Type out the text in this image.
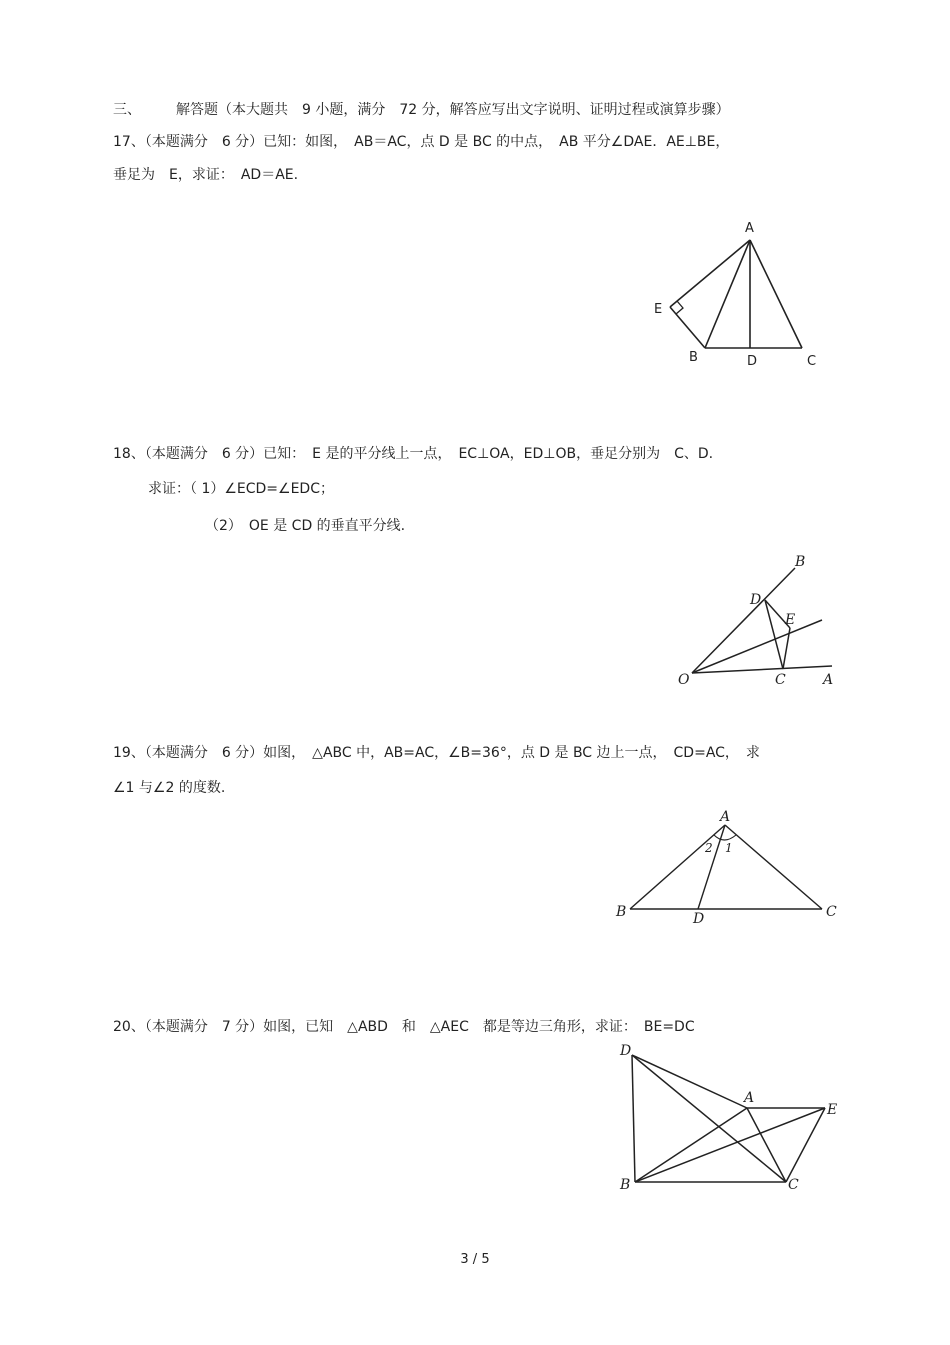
三、　　　解答题（本大题共　9 小题，满分　72 分，解答应写出文字说明、证明过程或演算步骤）
17、（本题满分　6 分）已知：如图，　AB＝AC，点 D 是 BC 的中点，　AB 平分∠DAE．AE⊥BE，
垂足为　E，求证：　AD＝AE.
A
E
B	D	C
18、（本题满分　6 分）已知：　E 是的平分线上一点，　EC⊥OA，ED⊥OB，垂足分别为　C、D.
求证：（ 1）∠ECD=∠EDC；
（2）　OE 是 CD 的垂直平分线.
B
D
E
O	C	A
19、（本题满分　6 分）如图，　△ABC 中，AB=AC，∠B=36°，点 D 是 BC 边上一点，　CD=AC，　求
∠1 与∠2 的度数.
A
B	D	C
1
2
20、（本题满分　7 分）如图，已知　△ABD　和　△AEC　都是等边三角形，求证：　BE=DC
D
A
E
B	C
3 / 5
